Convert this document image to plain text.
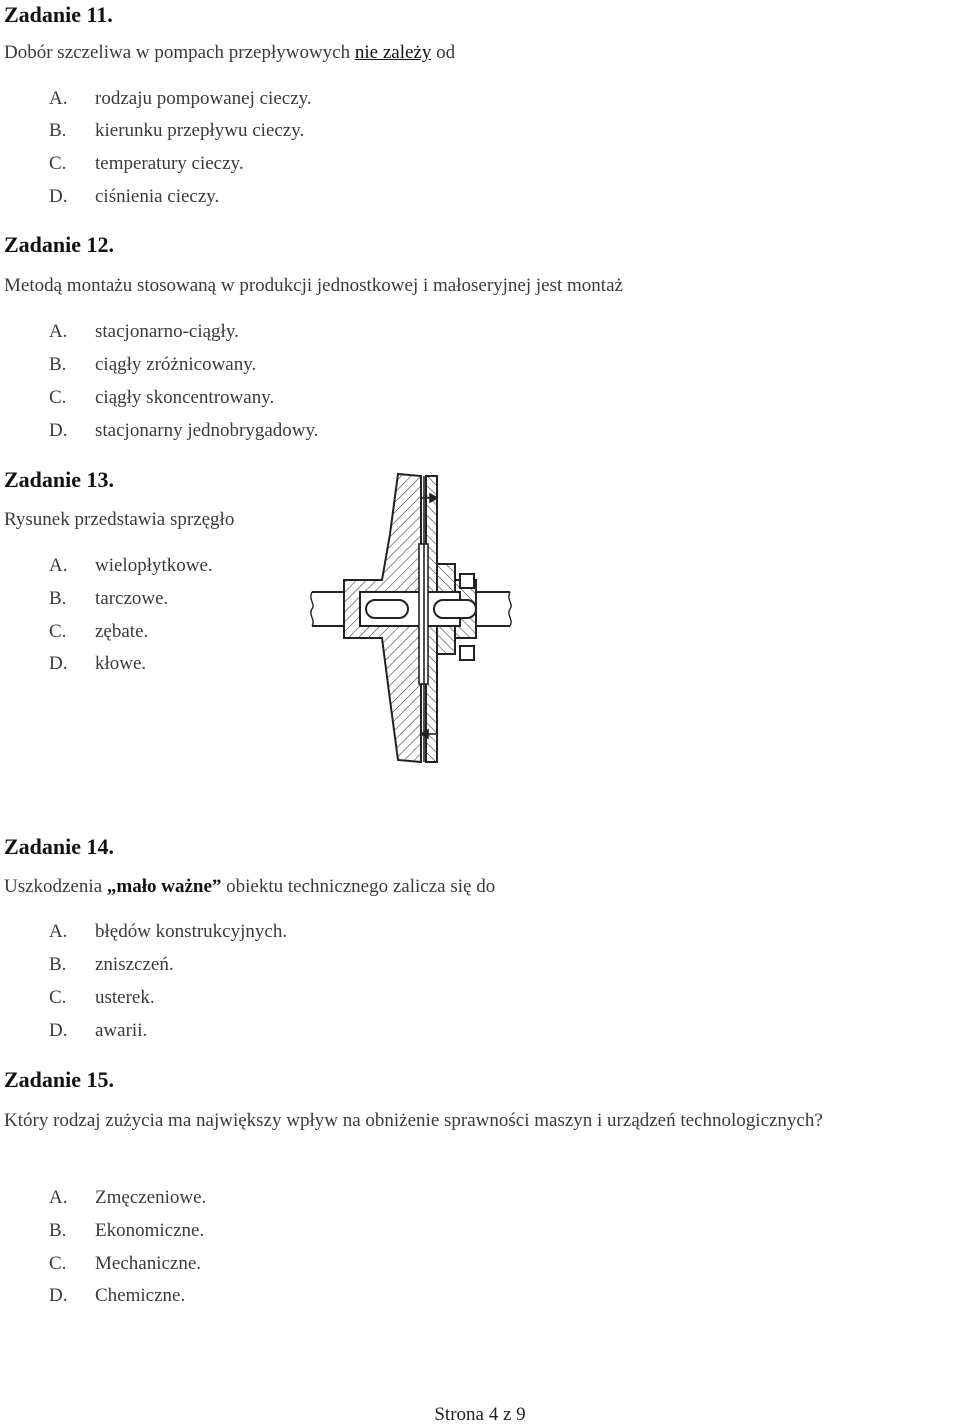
Zadanie 11.
Dobór szczeliwa w pompach przepływowych nie zależy od
A. rodzaju pompowanej cieczy.
B. kierunku przepływu cieczy.
C. temperatury cieczy.
D. ciśnienia cieczy.
Zadanie 12.
Metodą montażu stosowaną w produkcji jednostkowej i małoseryjnej jest montaż
A. stacjonarno-ciągły.
B. ciągły zróżnicowany.
C. ciągły skoncentrowany.
D. stacjonarny jednobrygadowy.
Zadanie 13.
Rysunek przedstawia sprzęgło
A. wielopłytkowe.
B. tarczowe.
C. zębate.
D. kłowe.
Zadanie 14.
Uszkodzenia „mało ważne” obiektu technicznego zalicza się do
A. błędów konstrukcyjnych.
B. zniszczeń.
C. usterek.
D. awarii.
Zadanie 15.
Który rodzaj zużycia ma największy wpływ na obniżenie sprawności maszyn i urządzeń technologicznych?
A. Zmęczeniowe.
B. Ekonomiczne.
C. Mechaniczne.
D. Chemiczne.
Strona 4 z 9
